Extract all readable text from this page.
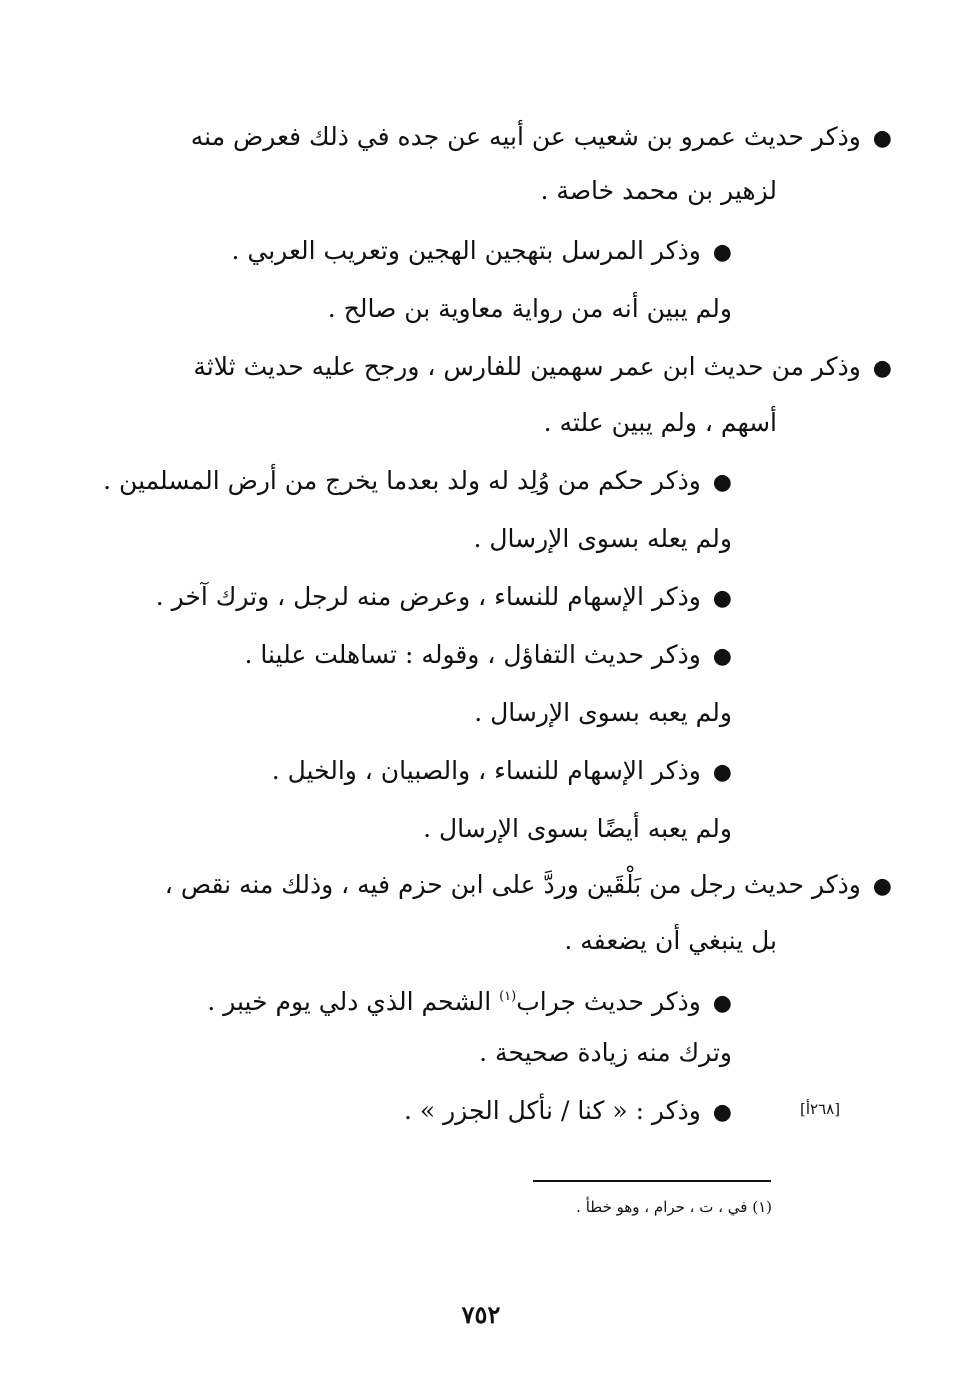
● وذكر حديث عمرو بن شعيب عن أبيه عن جده في ذلك فعرض منه
لزهير بن محمد خاصة .
● وذكر المرسل بتهجين الهجين وتعريب العربي .
ولم يبين أنه من رواية معاوية بن صالح .
● وذكر من حديث ابن عمر سهمين للفارس ، ورجح عليه حديث ثلاثة
أسهم ، ولم يبين علته .
● وذكر حكم من وُلِد له ولد بعدما يخرج من أرض المسلمين .
ولم يعله بسوى الإرسال .
● وذكر الإسهام للنساء ، وعرض منه لرجل ، وترك آخر .
● وذكر حديث التفاؤل ، وقوله : تساهلت علينا .
ولم يعبه بسوى الإرسال .
● وذكر الإسهام للنساء ، والصبيان ، والخيل .
ولم يعبه أيضًا بسوى الإرسال .
● وذكر حديث رجل من بَلْقَين وردَّ على ابن حزم فيه ، وذلك منه نقص ،
بل ينبغي أن يضعفه .
● وذكر حديث جراب$^{(١)}$ الشحم الذي دلي يوم خيبر .
وترك منه زيادة صحيحة .
● وذكر : « كنا / نأكل الجزر » .	[٢٦٨أ]
(١) في ، ت ، حرام ، وهو خطأ .
٧٥٢
